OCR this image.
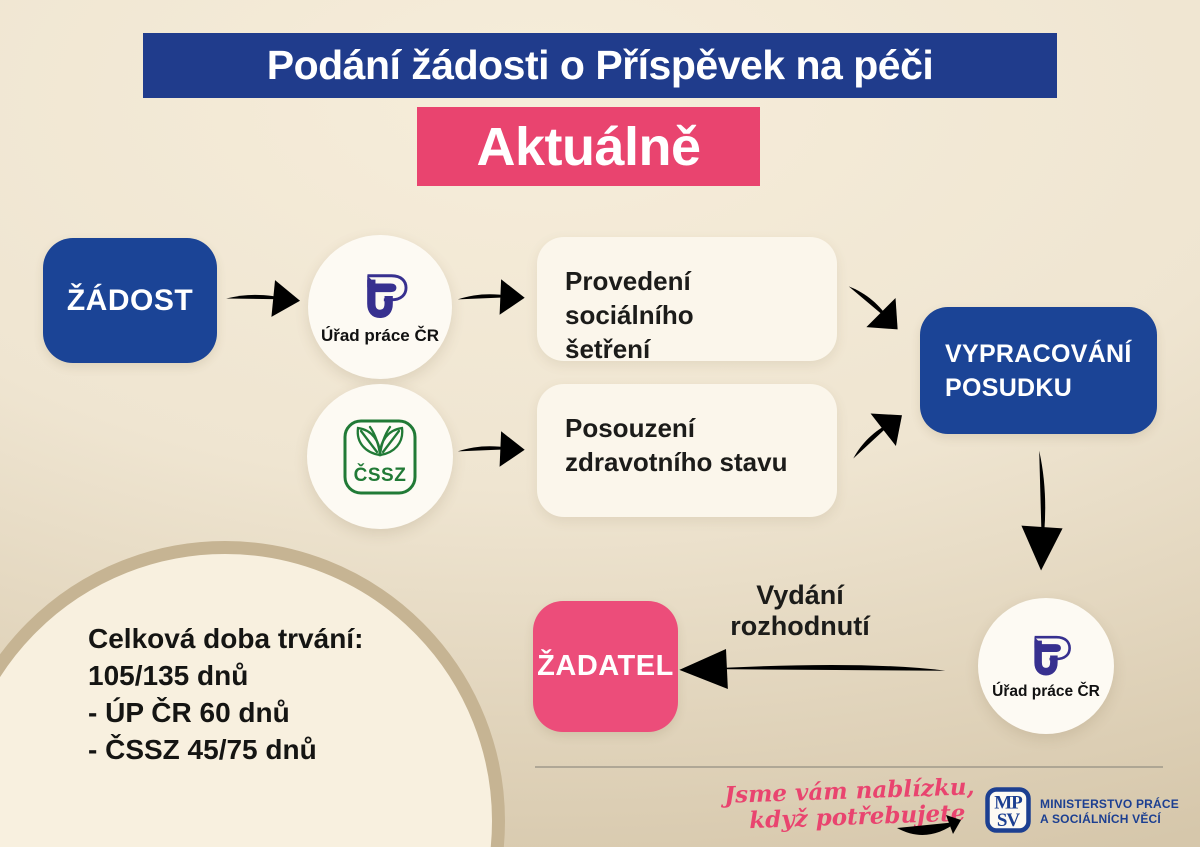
Podání žádosti o Příspěvek na péči
Aktuálně
ŽÁDOST
Úřad práce ČR
Provedení sociálního
šetření	VYPRACOVÁNÍ
POSUDKU
ČSSZ
Posouzení
zdravotního stavu
Úřad práce ČR
Vydání
rozhodnutí
ŽADATEL
Celková doba trvání:
105/135 dnů
- ÚP ČR 60 dnů
- ČSSZ 45/75 dnů
Jsme vám nablízku,
když potřebujete	MP
SV
MINISTERSTVO PRÁCE
A SOCIÁLNÍCH VĚCÍ
